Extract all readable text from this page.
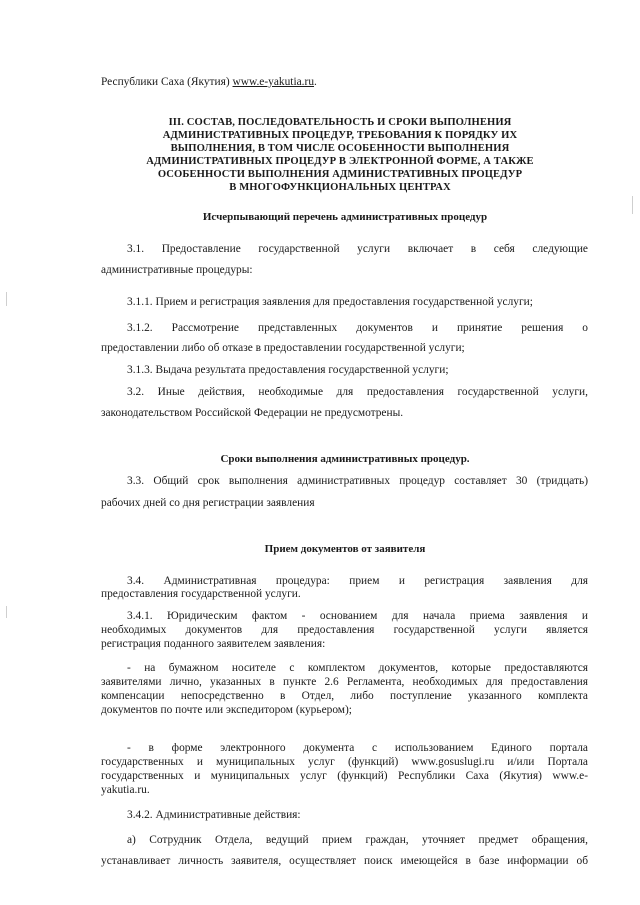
Республики Саха (Якутия) www.e-yakutia.ru.
III. СОСТАВ, ПОСЛЕДОВАТЕЛЬНОСТЬ И СРОКИ ВЫПОЛНЕНИЯ
АДМИНИСТРАТИВНЫХ ПРОЦЕДУР, ТРЕБОВАНИЯ К ПОРЯДКУ ИХ
ВЫПОЛНЕНИЯ, В ТОМ ЧИСЛЕ ОСОБЕННОСТИ ВЫПОЛНЕНИЯ
АДМИНИСТРАТИВНЫХ ПРОЦЕДУР В ЭЛЕКТРОННОЙ ФОРМЕ, А ТАКЖЕ
ОСОБЕННОСТИ ВЫПОЛНЕНИЯ АДМИНИСТРАТИВНЫХ ПРОЦЕДУР
В МНОГОФУНКЦИОНАЛЬНЫХ ЦЕНТРАХ
Исчерпывающий перечень административных процедур
3.1. Предоставление государственной услуги включает в себя следующие
административные процедуры:
3.1.1. Прием и регистрация заявления для предоставления государственной услуги;
3.1.2. Рассмотрение представленных документов и принятие решения о
предоставлении либо об отказе в предоставлении государственной услуги;
3.1.3. Выдача результата предоставления государственной услуги;
3.2. Иные действия, необходимые для предоставления государственной услуги,
законодательством Российской Федерации не предусмотрены.
Сроки выполнения административных процедур.
3.3. Общий срок выполнения административных процедур составляет 30 (тридцать)
рабочих дней со дня регистрации заявления
Прием документов от заявителя
3.4. Административная процедура: прием и регистрация заявления для
предоставления государственной услуги.
3.4.1. Юридическим фактом - основанием для начала приема заявления и
необходимых документов для предоставления государственной услуги является
регистрация поданного заявителем заявления:
- на бумажном носителе с комплектом документов, которые предоставляются
заявителями лично, указанных в пункте 2.6 Регламента, необходимых для предоставления
компенсации непосредственно в Отдел, либо поступление указанного комплекта
документов по почте или экспедитором (курьером);
- в форме электронного документа с использованием Единого портала
государственных и муниципальных услуг (функций) www.gosuslugi.ru и/или Портала
государственных и муниципальных услуг (функций) Республики Саха (Якутия) www.e-
yakutia.ru.
3.4.2. Административные действия:
а) Сотрудник Отдела, ведущий прием граждан, уточняет предмет обращения,
устанавливает личность заявителя, осуществляет поиск имеющейся в базе информации об
